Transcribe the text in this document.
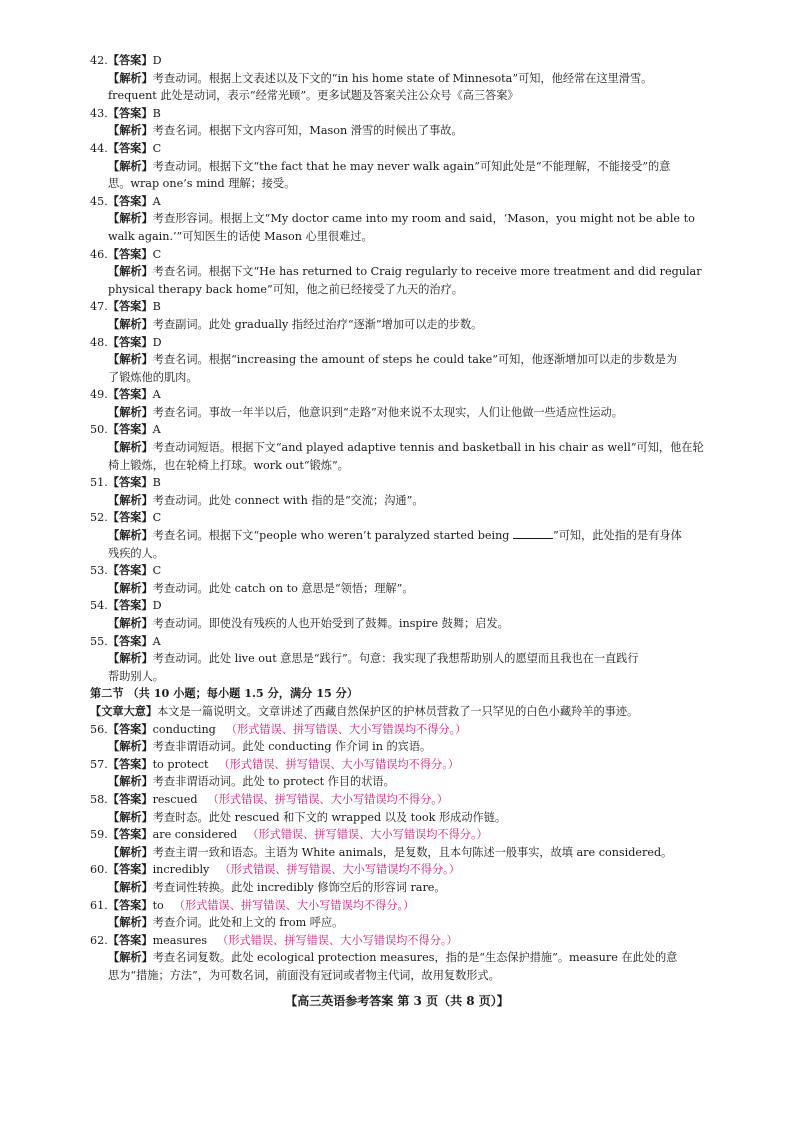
42.【答案】D
【解析】考查动词。根据上文表述以及下文的“in his home state of Minnesota”可知，他经常在这里滑雪。
frequent 此处是动词，表示“经常光顾”。更多试题及答案关注公众号《高三答案》
43.【答案】B
【解析】考查名词。根据下文内容可知，Mason 滑雪的时候出了事故。
44.【答案】C
【解析】考查动词。根据下文“the fact that he may never walk again”可知此处是“不能理解，不能接受”的意
思。wrap one’s mind 理解；接受。
45.【答案】A
【解析】考查形容词。根据上文“My doctor came into my room and said，‘Mason，you might not be able to
walk again.’”可知医生的话使 Mason 心里很难过。
46.【答案】C
【解析】考查名词。根据下文“He has returned to Craig regularly to receive more treatment and did regular
physical therapy back home”可知，他之前已经接受了九天的治疗。
47.【答案】B
【解析】考查副词。此处 gradually 指经过治疗“逐渐”增加可以走的步数。
48.【答案】D
【解析】考查名词。根据“increasing the amount of steps he could take”可知，他逐渐增加可以走的步数是为
了锻炼他的肌肉。
49.【答案】A
【解析】考查名词。事故一年半以后，他意识到“走路”对他来说不太现实，人们让他做一些适应性运动。
50.【答案】A
【解析】考查动词短语。根据下文“and played adaptive tennis and basketball in his chair as well”可知，他在轮
椅上锻炼，也在轮椅上打球。work out“锻炼”。
51.【答案】B
【解析】考查动词。此处 connect with 指的是“交流；沟通”。
52.【答案】C
【解析】考查名词。根据下文“people who weren’t paralyzed started being	”可知，此处指的是有身体
残疾的人。
53.【答案】C
【解析】考查动词。此处 catch on to 意思是“领悟；理解”。
54.【答案】D
【解析】考查动词。即使没有残疾的人也开始受到了鼓舞。inspire 鼓舞；启发。
55.【答案】A
【解析】考查动词。此处 live out 意思是“践行”。句意：我实现了我想帮助别人的愿望而且我也在一直践行
帮助别人。
第二节 （共 10 小题；每小题 1.5 分，满分 15 分）
【文章大意】本文是一篇说明文。文章讲述了西藏自然保护区的护林员营救了一只罕见的白色小藏羚羊的事迹。
56.【答案】conducting （形式错误、拼写错误、大小写错误均不得分。）
【解析】考查非谓语动词。此处 conducting 作介词 in 的宾语。
57.【答案】to protect （形式错误、拼写错误、大小写错误均不得分。）
【解析】考查非谓语动词。此处 to protect 作目的状语。
58.【答案】rescued （形式错误、拼写错误、大小写错误均不得分。）
【解析】考查时态。此处 rescued 和下文的 wrapped 以及 took 形成动作链。
59.【答案】are considered （形式错误、拼写错误、大小写错误均不得分。）
【解析】考查主谓一致和语态。主语为 White animals，是复数，且本句陈述一般事实，故填 are considered。
60.【答案】incredibly （形式错误、拼写错误、大小写错误均不得分。）
【解析】考查词性转换。此处 incredibly 修饰空后的形容词 rare。
61.【答案】to （形式错误、拼写错误、大小写错误均不得分。）
【解析】考查介词。此处和上文的 from 呼应。
62.【答案】measures （形式错误、拼写错误、大小写错误均不得分。）
【解析】考查名词复数。此处 ecological protection measures，指的是“生态保护措施”。measure 在此处的意
思为“措施；方法”，为可数名词，前面没有冠词或者物主代词，故用复数形式。
【高三英语参考答案 第 3 页（共 8 页）】
